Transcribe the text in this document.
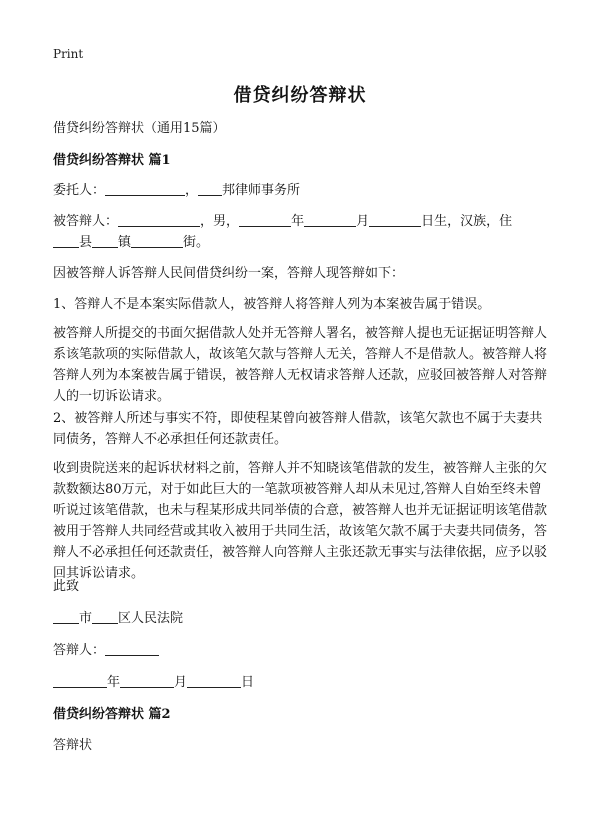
Print
借贷纠纷答辩状
借贷纠纷答辩状（通用15篇）
借贷纠纷答辩状 篇1
委托人：	， 邦律师事务所
被答辩人：	，男，	年	月	日生，汉族，住
县 镇	街。
因被答辩人诉答辩人民间借贷纠纷一案，答辩人现答辩如下：
1、答辩人不是本案实际借款人，被答辩人将答辩人列为本案被告属于错误。
被答辩人所提交的书面欠据借款人处并无答辩人署名，被答辩人提也无证据证明答辩人系该笔款项的实际借款人，故该笔欠款与答辩人无关，答辩人不是借款人。被答辩人将答辩人列为本案被告属于错误，被答辩人无权请求答辩人还款，应驳回被答辩人对答辩人的一切诉讼请求。
2、被答辩人所述与事实不符，即使程某曾向被答辩人借款，该笔欠款也不属于夫妻共同债务，答辩人不必承担任何还款责任。
收到贵院送来的起诉状材料之前，答辩人并不知晓该笔借款的发生，被答辩人主张的欠款数额达80万元，对于如此巨大的一笔款项被答辩人却从未见过,答辩人自始至终未曾听说过该笔借款，也未与程某形成共同举债的合意，被答辩人也并无证据证明该笔借款被用于答辩人共同经营或其收入被用于共同生活，故该笔欠款不属于夫妻共同债务，答辩人不必承担任何还款责任，被答辩人向答辩人主张还款无事实与法律依据，应予以驳回其诉讼请求。
此致
市 区人民法院
答辩人：
年	月	日
借贷纠纷答辩状 篇2
答辩状
